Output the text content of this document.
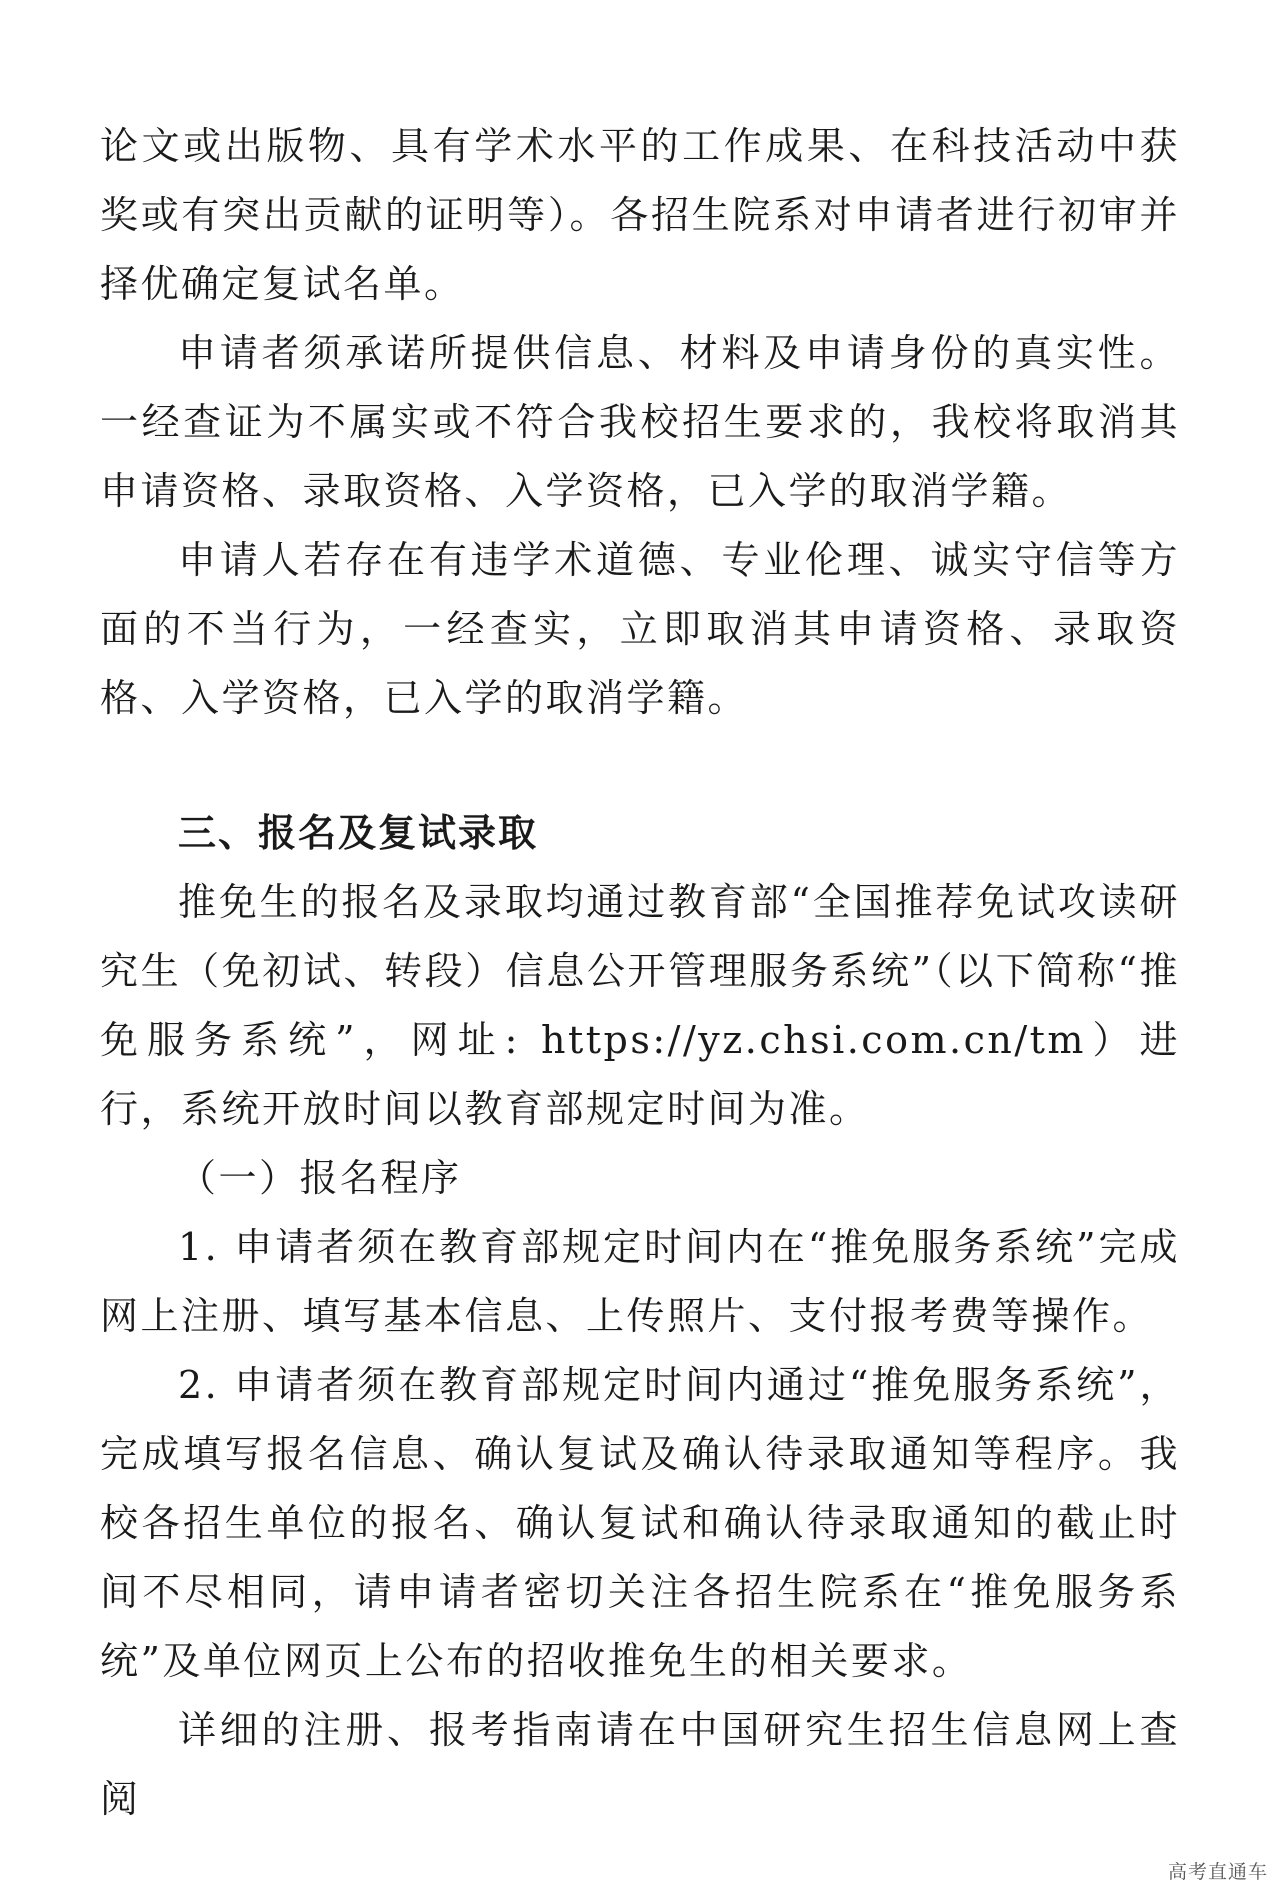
论文或出版物、具有学术水平的工作成果、在科技活动中获奖或有突出贡献的证明等）。各招生院系对申请者进行初审并择优确定复试名单。

申请者须承诺所提供信息、材料及申请身份的真实性。一经查证为不属实或不符合我校招生要求的，我校将取消其申请资格、录取资格、入学资格，已入学的取消学籍。

申请人若存在有违学术道德、专业伦理、诚实守信等方面的不当行为，一经查实，立即取消其申请资格、录取资格、入学资格，已入学的取消学籍。

三、报名及复试录取

推免生的报名及录取均通过教育部“全国推荐免试攻读研究生（免初试、转段）信息公开管理服务系统”（以下简称“推免服务系统”，网址: https://yz.chsi.com.cn/tm）进行，系统开放时间以教育部规定时间为准。

（一）报名程序

1. 申请者须在教育部规定时间内在“推免服务系统”完成网上注册、填写基本信息、上传照片、支付报考费等操作。

2. 申请者须在教育部规定时间内通过“推免服务系统”，完成填写报名信息、确认复试及确认待录取通知等程序。我校各招生单位的报名、确认复试和确认待录取通知的截止时间不尽相同，请申请者密切关注各招生院系在“推免服务系统”及单位网页上公布的招收推免生的相关要求。

详细的注册、报考指南请在中国研究生招生信息网上查阅

高考直通车
